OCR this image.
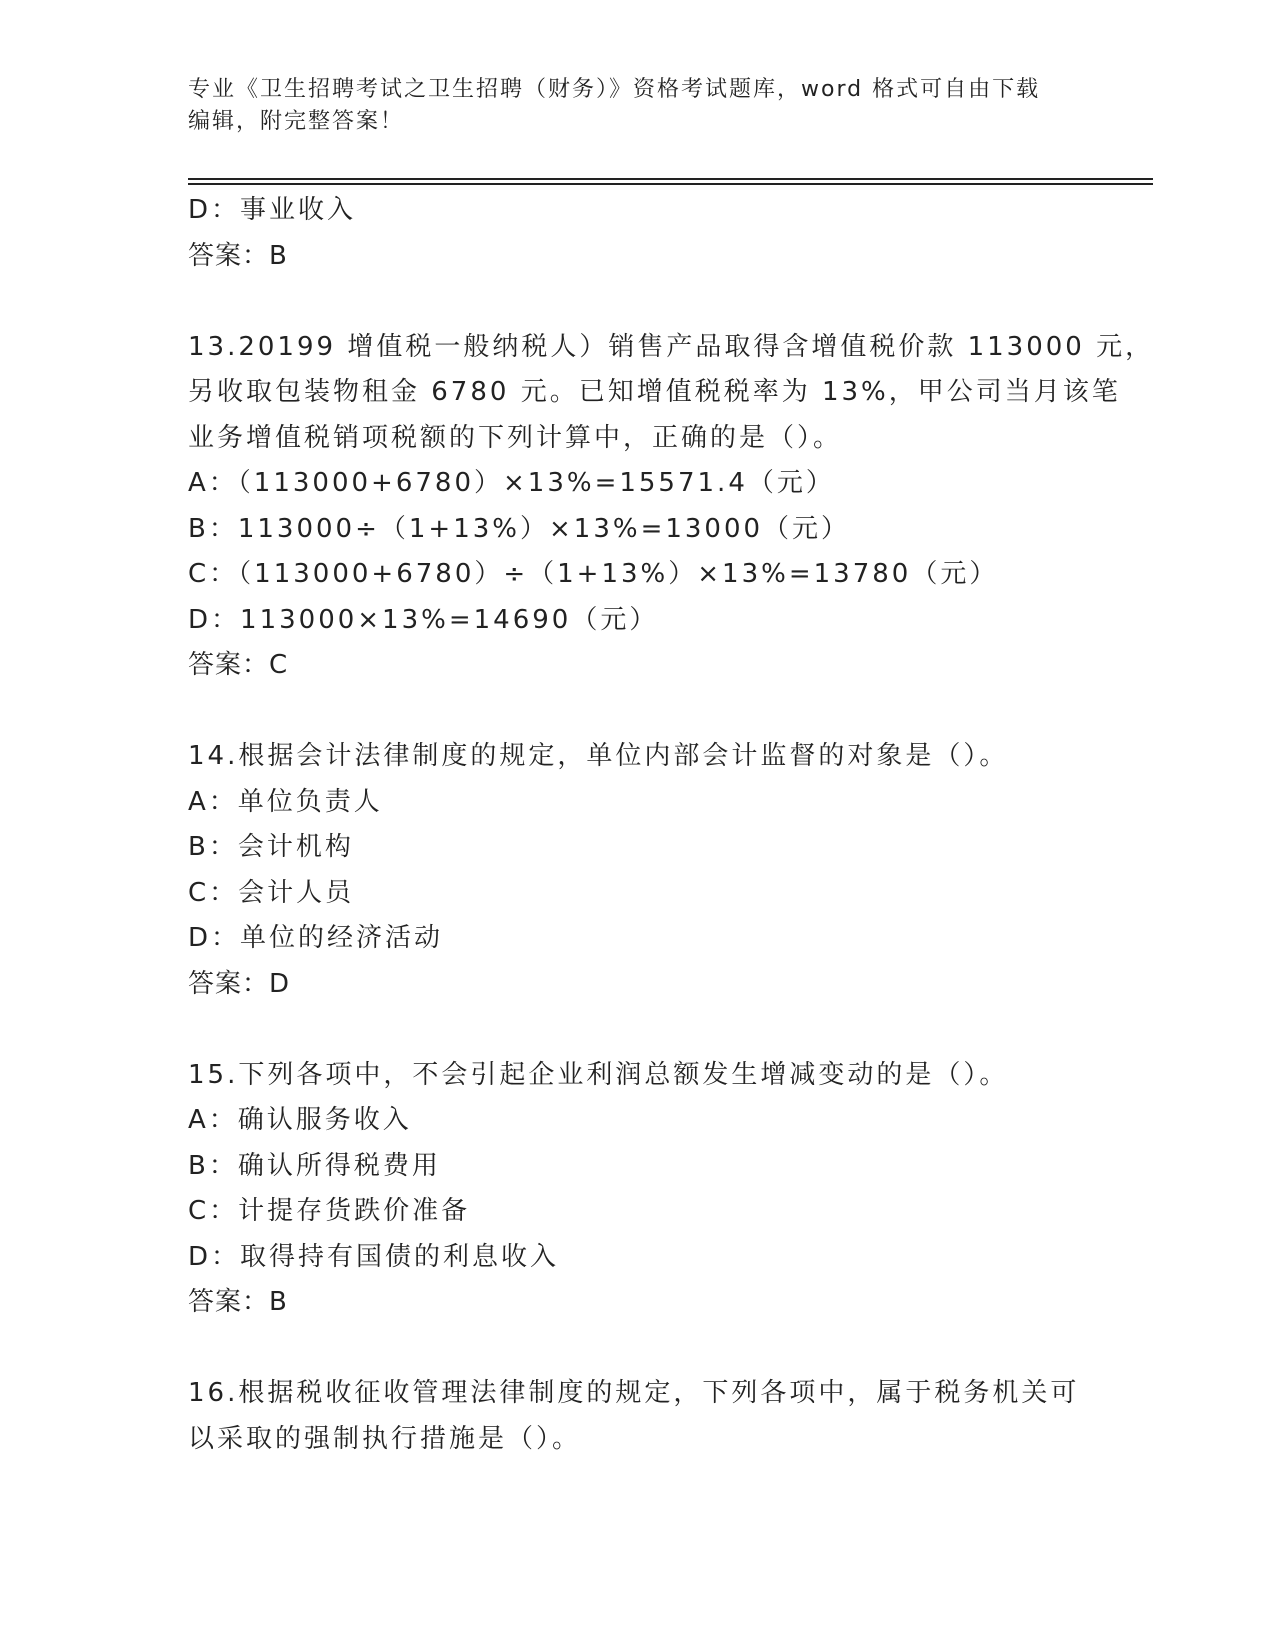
专业《卫生招聘考试之卫生招聘（财务）》资格考试题库，word 格式可自由下载
编辑，附完整答案！
D：事业收入
答案：B
13.20199 增值税一般纳税人）销售产品取得含增值税价款 113000 元，
另收取包装物租金 6780 元。已知增值税税率为 13%，甲公司当月该笔
业务增值税销项税额的下列计算中，正确的是（）。
A：（113000+6780）×13%=15571.4（元）
B：113000÷（1+13%）×13%=13000（元）
C：（113000+6780）÷（1+13%）×13%=13780（元）
D：113000×13%=14690（元）
答案：C
14.根据会计法律制度的规定，单位内部会计监督的对象是（）。
A：单位负责人
B：会计机构
C：会计人员
D：单位的经济活动
答案：D
15.下列各项中，不会引起企业利润总额发生增减变动的是（）。
A：确认服务收入
B：确认所得税费用
C：计提存货跌价准备
D：取得持有国债的利息收入
答案：B
16.根据税收征收管理法律制度的规定，下列各项中，属于税务机关可
以采取的强制执行措施是（）。
